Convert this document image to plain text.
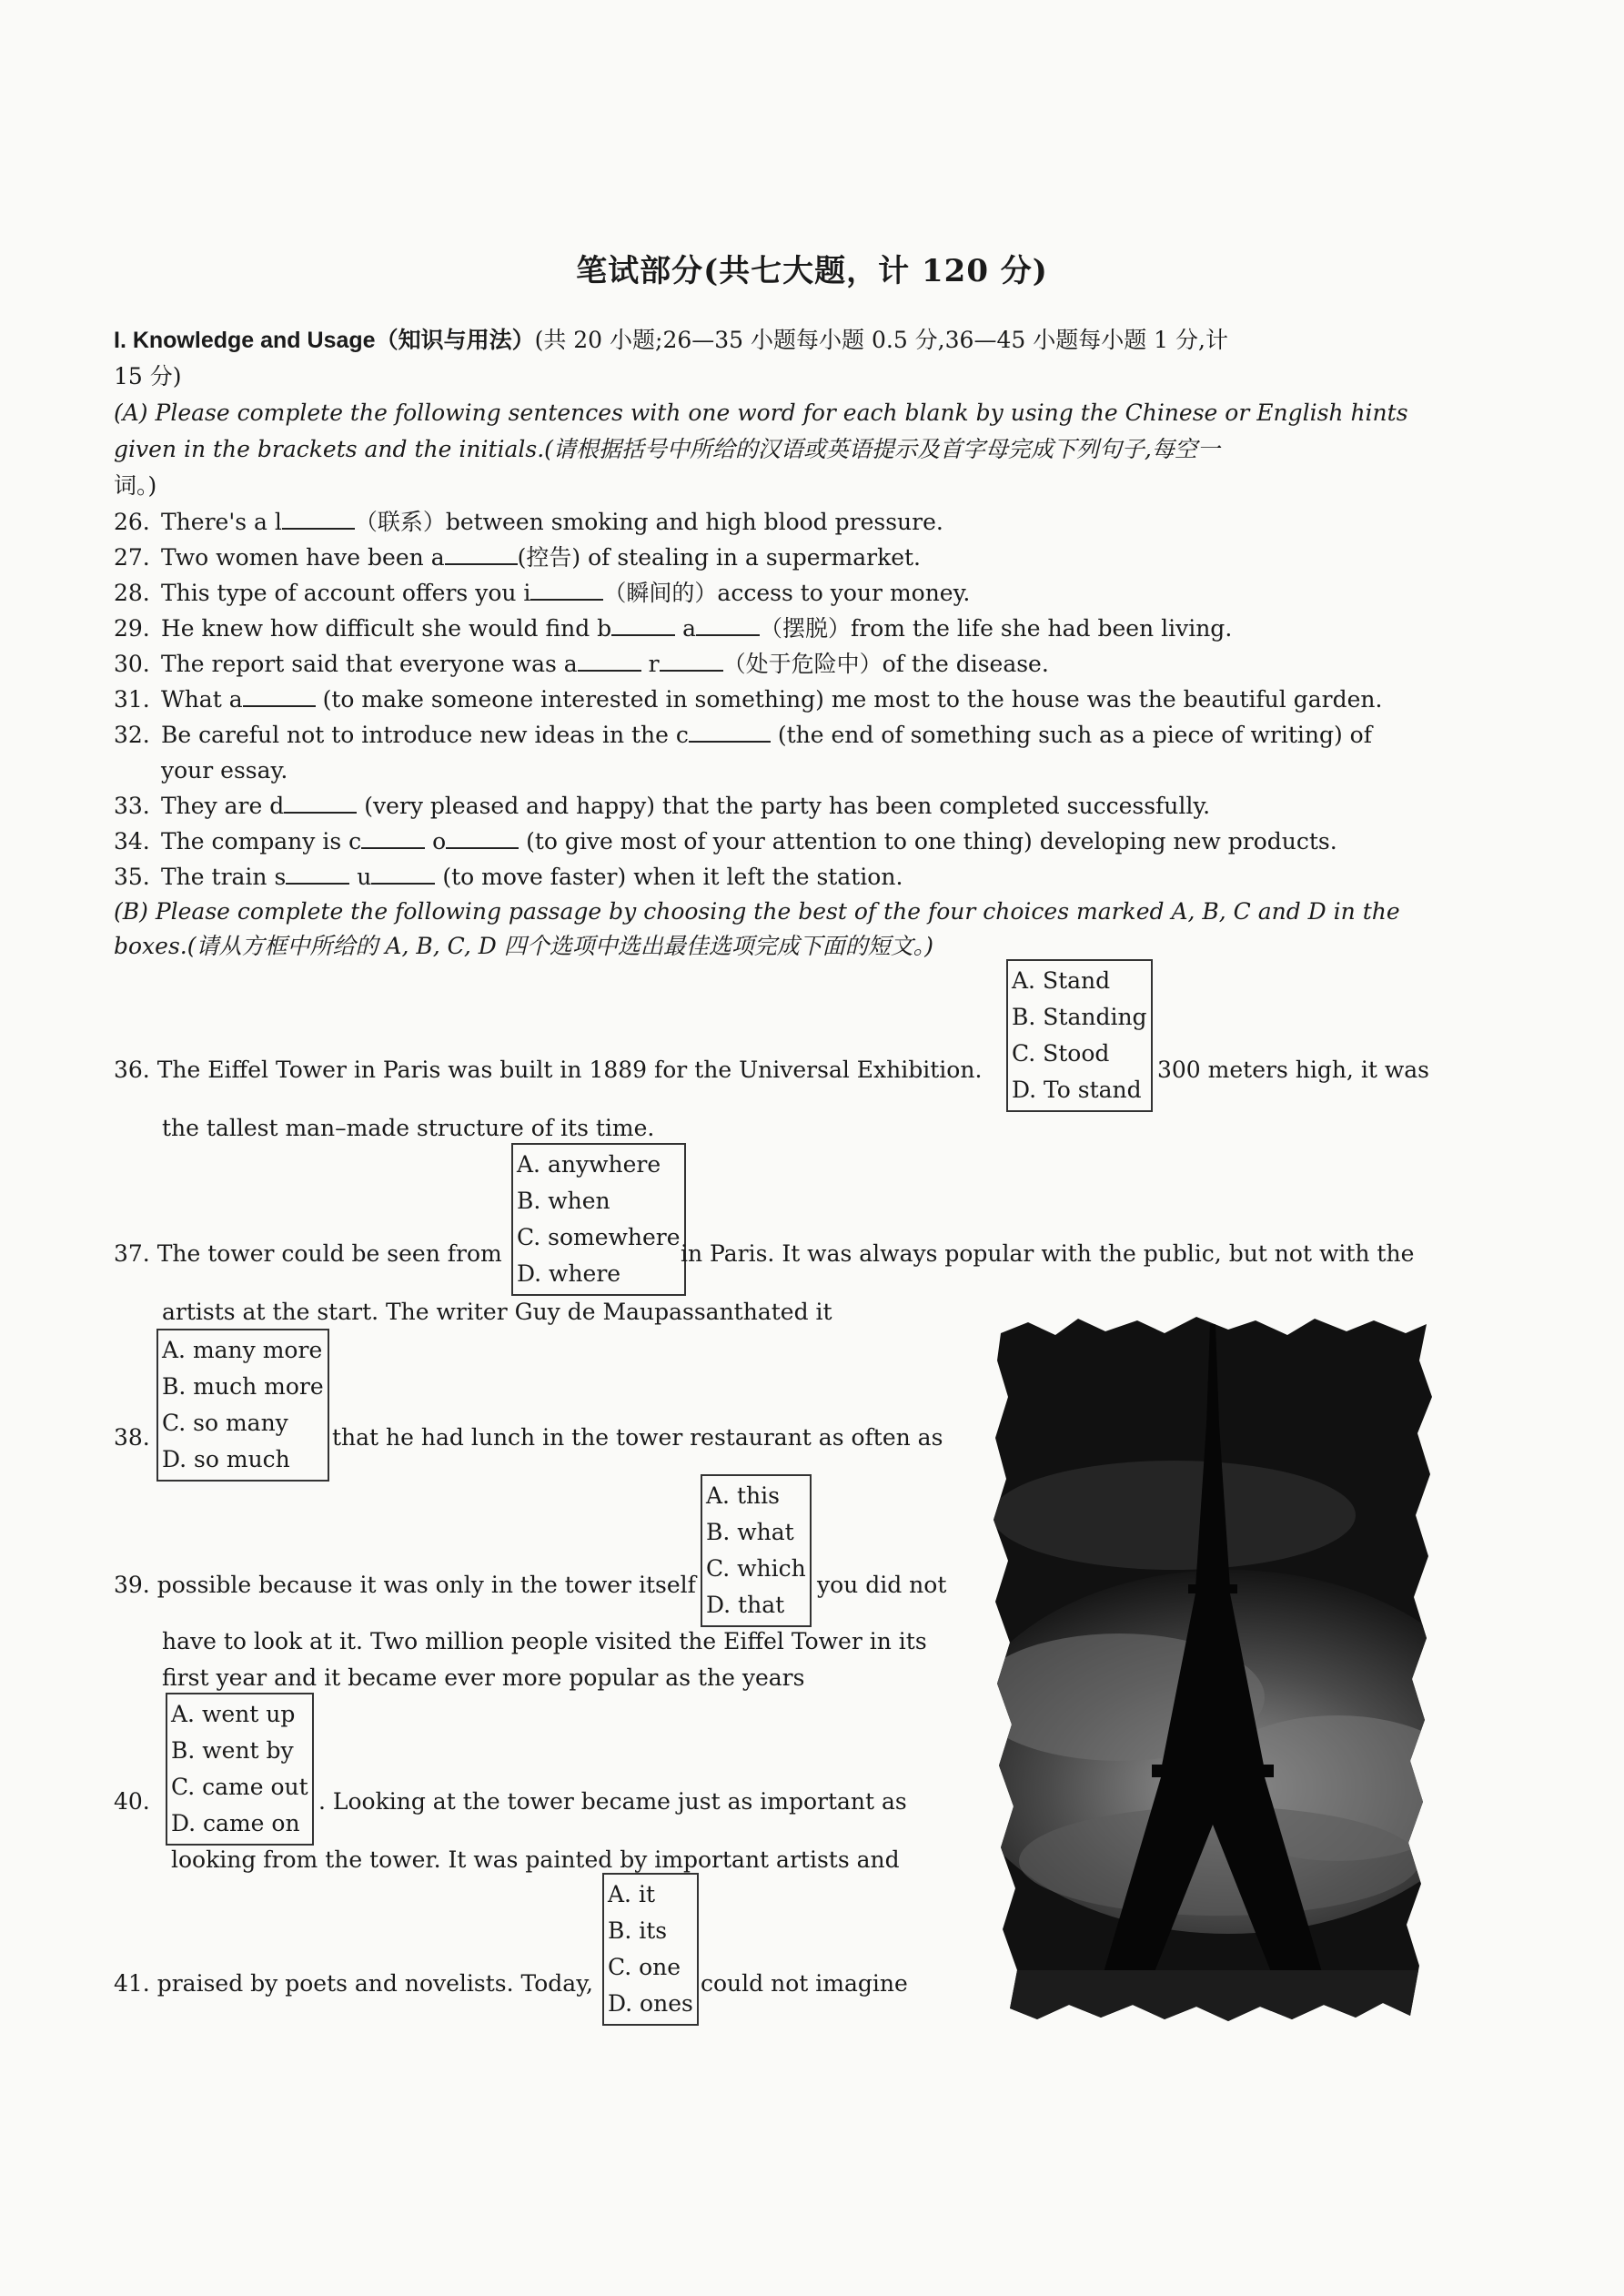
笔试部分(共七大题，计 120 分)
I. Knowledge and Usage（知识与用法）(共 20 小题;26—35 小题每小题 0.5 分,36—45 小题每小题 1 分,计
15 分)
(A) Please complete the following sentences with one word for each blank by using the Chinese or English hints
given in the brackets and the initials.(请根据括号中所给的汉语或英语提示及首字母完成下列句子,每空一
词。)
26. There's a l	（联系）between smoking and high blood pressure.
27. Two women have been a	(控告) of stealing in a supermarket.
28. This type of account offers you i	（瞬间的）access to your money.
29. He knew how difficult she would find b	a	（摆脱）from the life she had been living.
30. The report said that everyone was a	r	（处于危险中）of the disease.
31. What a	(to make someone interested in something) me most to the house was the beautiful garden.
32. Be careful not to introduce new ideas in the c	(the end of something such as a piece of writing) of
your essay.
33. They are d	(very pleased and happy) that the party has been completed successfully.
34. The company is c	o	(to give most of your attention to one thing) developing new products.
35. The train s	u	(to move faster) when it left the station.
(B) Please complete the following passage by choosing the best of the four choices marked A, B, C and D in the
boxes.(请从方框中所给的 A, B, C, D 四个选项中选出最佳选项完成下面的短文。)
36. The Eiffel Tower in Paris was built in 1889 for the Universal Exhibition.
A. Stand
B. Standing
C. Stood
D. To stand
300 meters high, it was
the tallest man–made structure of its time.
37. The tower could be seen from
A. anywhere
B. when
C. somewhere
D. where
in Paris. It was always popular with the public, but not with the
artists at the start. The writer Guy de Maupassanthated it
38.
A. many more
B. much more
C. so many
D. so much
that he had lunch in the tower restaurant as often as
39. possible because it was only in the tower itself
A. this
B. what
C. which
D. that
you did not
have to look at it. Two million people visited the Eiffel Tower in its
first year and it became ever more popular as the years
40.
A. went up
B. went by
C. came out
D. came on
. Looking at the tower became just as important as
looking from the tower. It was painted by important artists and
41. praised by poets and novelists. Today,
A. it
B. its
C. one
D. ones
could not imagine
